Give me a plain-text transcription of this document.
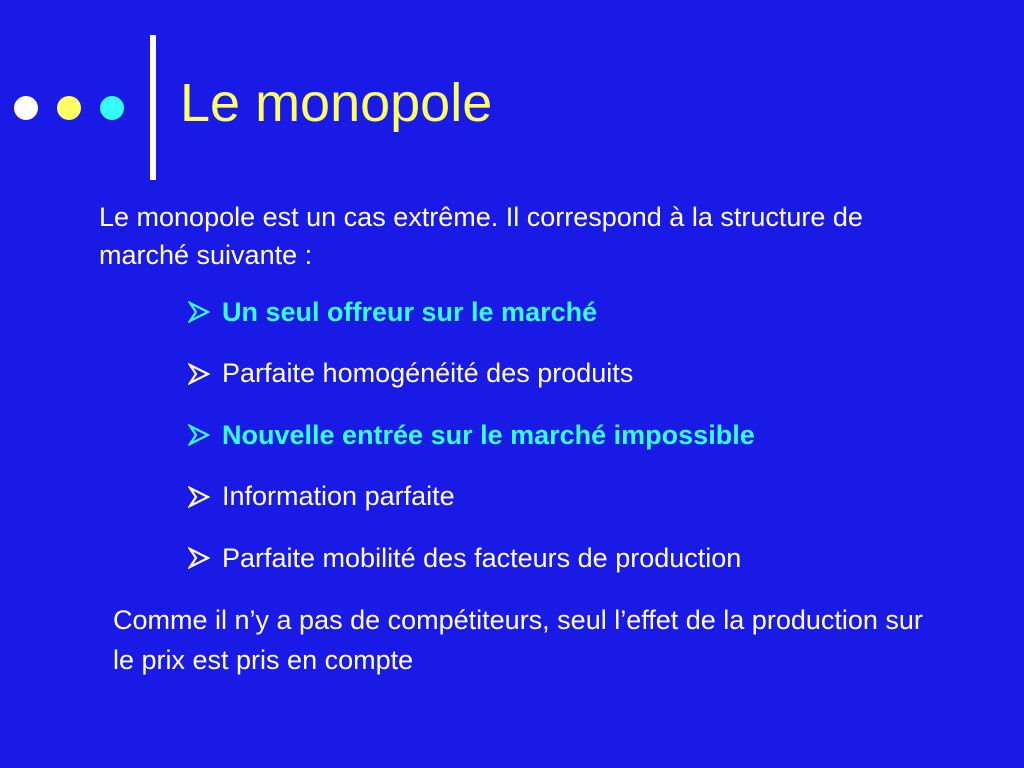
Le monopole
Le monopole est un cas extrême. Il correspond à la structure de marché suivante :
Un seul offreur sur le marché
Parfaite homogénéité des produits
Nouvelle entrée sur le marché impossible
Information parfaite
Parfaite mobilité des facteurs de production
Comme il n’y a pas de compétiteurs, seul l’effet de la production sur le prix est pris en compte
